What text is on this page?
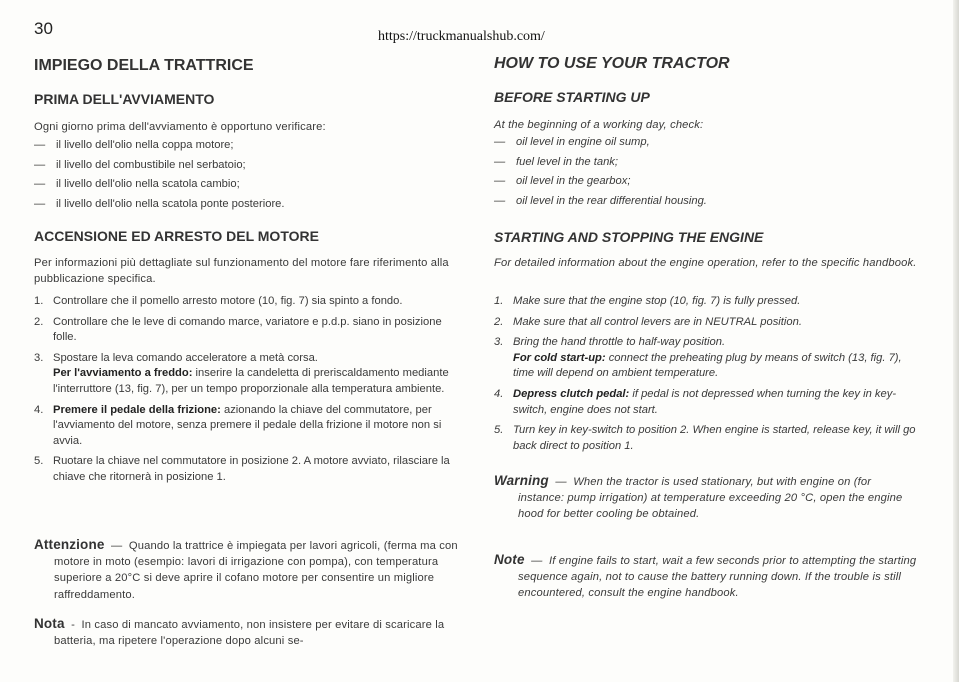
30	https://truckmanualshub.com/
IMPIEGO DELLA TRATTRICE
PRIMA DELL'AVVIAMENTO
Ogni giorno prima dell'avviamento è opportuno verificare:
— il livello dell'olio nella coppa motore;
— il livello del combustibile nel serbatoio;
— il livello dell'olio nella scatola cambio;
— il livello dell'olio nella scatola ponte posteriore.
ACCENSIONE ED ARRESTO DEL MOTORE
Per informazioni più dettagliate sul funzionamento del motore fare riferimento alla pubblicazione specifica.
1. Controllare che il pomello arresto motore (10, fig. 7) sia spinto a fondo.
2. Controllare che le leve di comando marce, variatore e p.d.p. siano in posizione folle.
3. Spostare la leva comando acceleratore a metà corsa.
Per l'avviamento a freddo: inserire la candeletta di preriscaldamento mediante l'interruttore (13, fig. 7), per un tempo proporzionale alla temperatura ambiente.
4. Premere il pedale della frizione: azionando la chiave del commutatore, per l'avviamento del motore, senza premere il pedale della frizione il motore non si avvia.
5. Ruotare la chiave nel commutatore in posizione 2. A motore avviato, rilasciare la chiave che ritornerà in posizione 1.
Attenzione  —  Quando la trattrice è impiegata per lavori agricoli, (ferma ma con motore in moto (esempio: lavori di irrigazione con pompa), con temperatura superiore a 20°C si deve aprire il cofano motore per consentire un migliore raffreddamento.
Nota  -  In caso di mancato avviamento, non insistere per evitare di scaricare la batteria, ma ripetere l'operazione dopo alcuni se-
HOW TO USE YOUR TRACTOR
BEFORE STARTING UP
At the beginning of a working day, check:
— oil level in engine oil sump,
— fuel level in the tank;
— oil level in the gearbox;
— oil level in the rear differential housing.
STARTING AND STOPPING THE ENGINE
For detailed information about the engine operation, refer to the specific handbook.
1. Make sure that the engine stop (10, fig. 7) is fully pressed.
2. Make sure that all control levers are in NEUTRAL position.
3. Bring the hand throttle to half-way position.
For cold start-up: connect the preheating plug by means of switch (13, fig. 7), time will depend on ambient temperature.
4. Depress clutch pedal: if pedal is not depressed when turning the key in key-switch, engine does not start.
5. Turn key in key-switch to position 2. When engine is started, release key, it will go back direct to position 1.
Warning  —  When the tractor is used stationary, but with engine on (for instance: pump irrigation) at temperature exceeding 20 °C, open the engine hood for better cooling be obtained.
Note  —  If engine fails to start, wait a few seconds prior to attempting the starting sequence again, not to cause the battery running down. If the trouble is still encountered, consult the engine handbook.
